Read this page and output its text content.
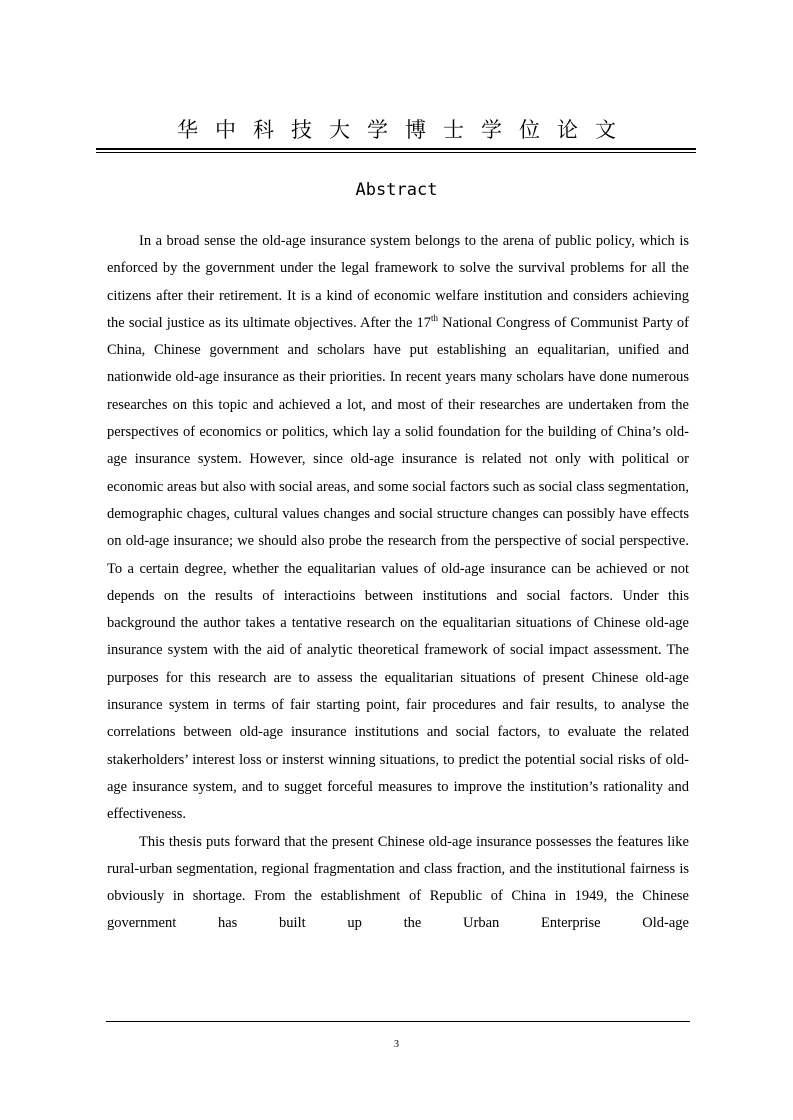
华中科技大学博士学位论文
Abstract

In a broad sense the old-age insurance system belongs to the arena of public policy, which is enforced by the government under the legal framework to solve the survival problems for all the citizens after their retirement. It is a kind of economic welfare institution and considers achieving the social justice as its ultimate objectives. After the 17th National Congress of Communist Party of China, Chinese government and scholars have put establishing an equalitarian, unified and nationwide old-age insurance as their priorities. In recent years many scholars have done numerous researches on this topic and achieved a lot, and most of their researches are undertaken from the perspectives of economics or politics, which lay a solid foundation for the building of China’s old-age insurance system. However, since old-age insurance is related not only with political or economic areas but also with social areas, and some social factors such as social class segmentation, demographic chages, cultural values changes and social structure changes can possibly have effects on old-age insurance; we should also probe the research from the perspective of social perspective. To a certain degree, whether the equalitarian values of old-age insurance can be achieved or not depends on the results of interactioins between institutions and social factors. Under this background the author takes a tentative research on the equalitarian situations of Chinese old-age insurance system with the aid of analytic theoretical framework of social impact assessment. The purposes for this research are to assess the equalitarian situations of present Chinese old-age insurance system in terms of fair starting point, fair procedures and fair results, to analyse the correlations between old-age insurance institutions and social factors, to evaluate the related stakerholders’ interest loss or insterst winning situations, to predict the potential social risks of old-age insurance system, and to sugget forceful measures to improve the institution’s rationality and effectiveness.

This thesis puts forward that the present Chinese old-age insurance possesses the features like rural-urban segmentation, regional fragmentation and class fraction, and the institutional fairness is obviously in shortage. From the establishment of Republic of China in 1949, the Chinese government has built up the Urban Enterprise Old-age

3
